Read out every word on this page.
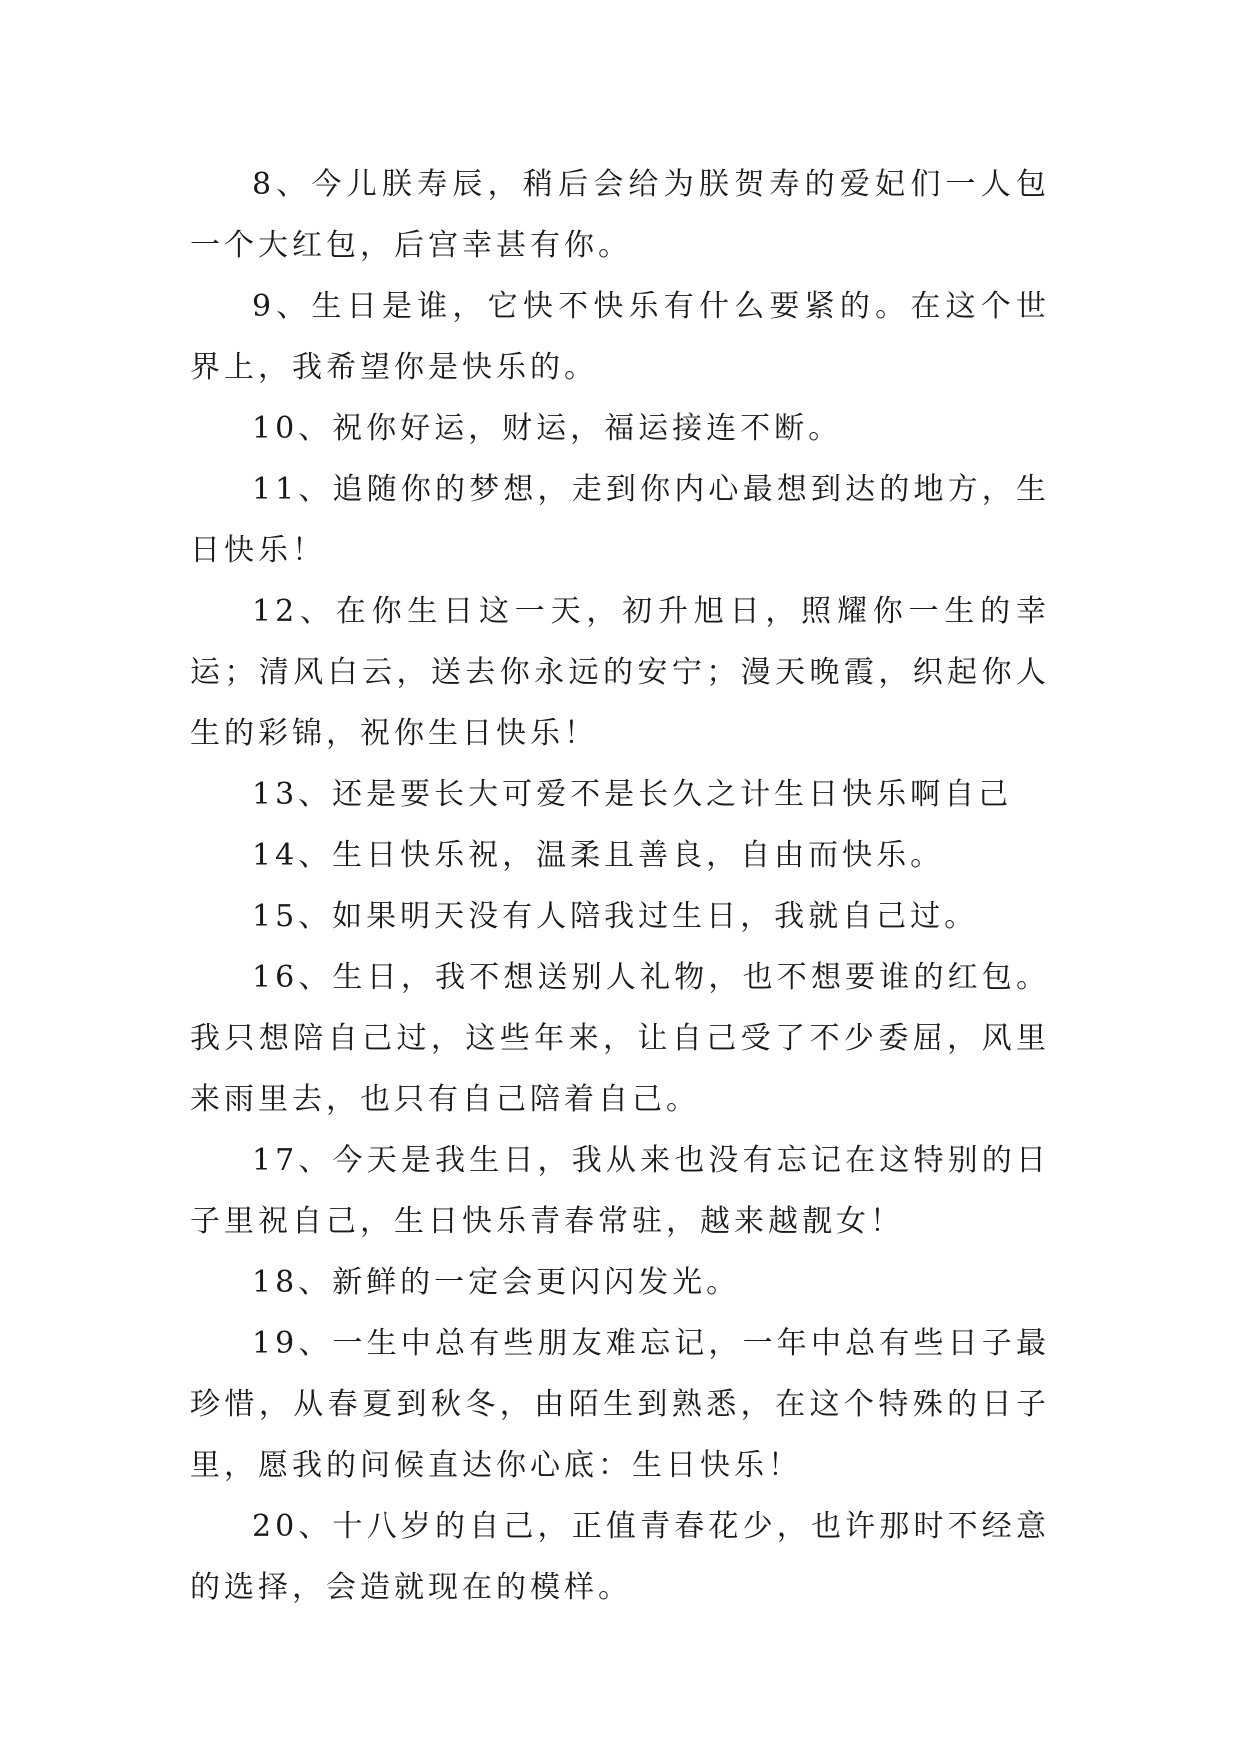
8、今儿朕寿辰，稍后会给为朕贺寿的爱妃们一人包一个大红包，后宫幸甚有你。

9、生日是谁，它快不快乐有什么要紧的。在这个世界上，我希望你是快乐的。

10、祝你好运，财运，福运接连不断。

11、追随你的梦想，走到你内心最想到达的地方，生日快乐！

12、在你生日这一天，初升旭日，照耀你一生的幸运；清风白云，送去你永远的安宁；漫天晚霞，织起你人生的彩锦，祝你生日快乐！

13、还是要长大可爱不是长久之计生日快乐啊自己

14、生日快乐祝，温柔且善良，自由而快乐。

15、如果明天没有人陪我过生日，我就自己过。

16、生日，我不想送别人礼物，也不想要谁的红包。我只想陪自己过，这些年来，让自己受了不少委屈，风里来雨里去，也只有自己陪着自己。

17、今天是我生日，我从来也没有忘记在这特别的日子里祝自己，生日快乐青春常驻，越来越靓女！

18、新鲜的一定会更闪闪发光。

19、一生中总有些朋友难忘记，一年中总有些日子最珍惜，从春夏到秋冬，由陌生到熟悉，在这个特殊的日子里，愿我的问候直达你心底：生日快乐！

20、十八岁的自己，正值青春花少，也许那时不经意的选择，会造就现在的模样。
